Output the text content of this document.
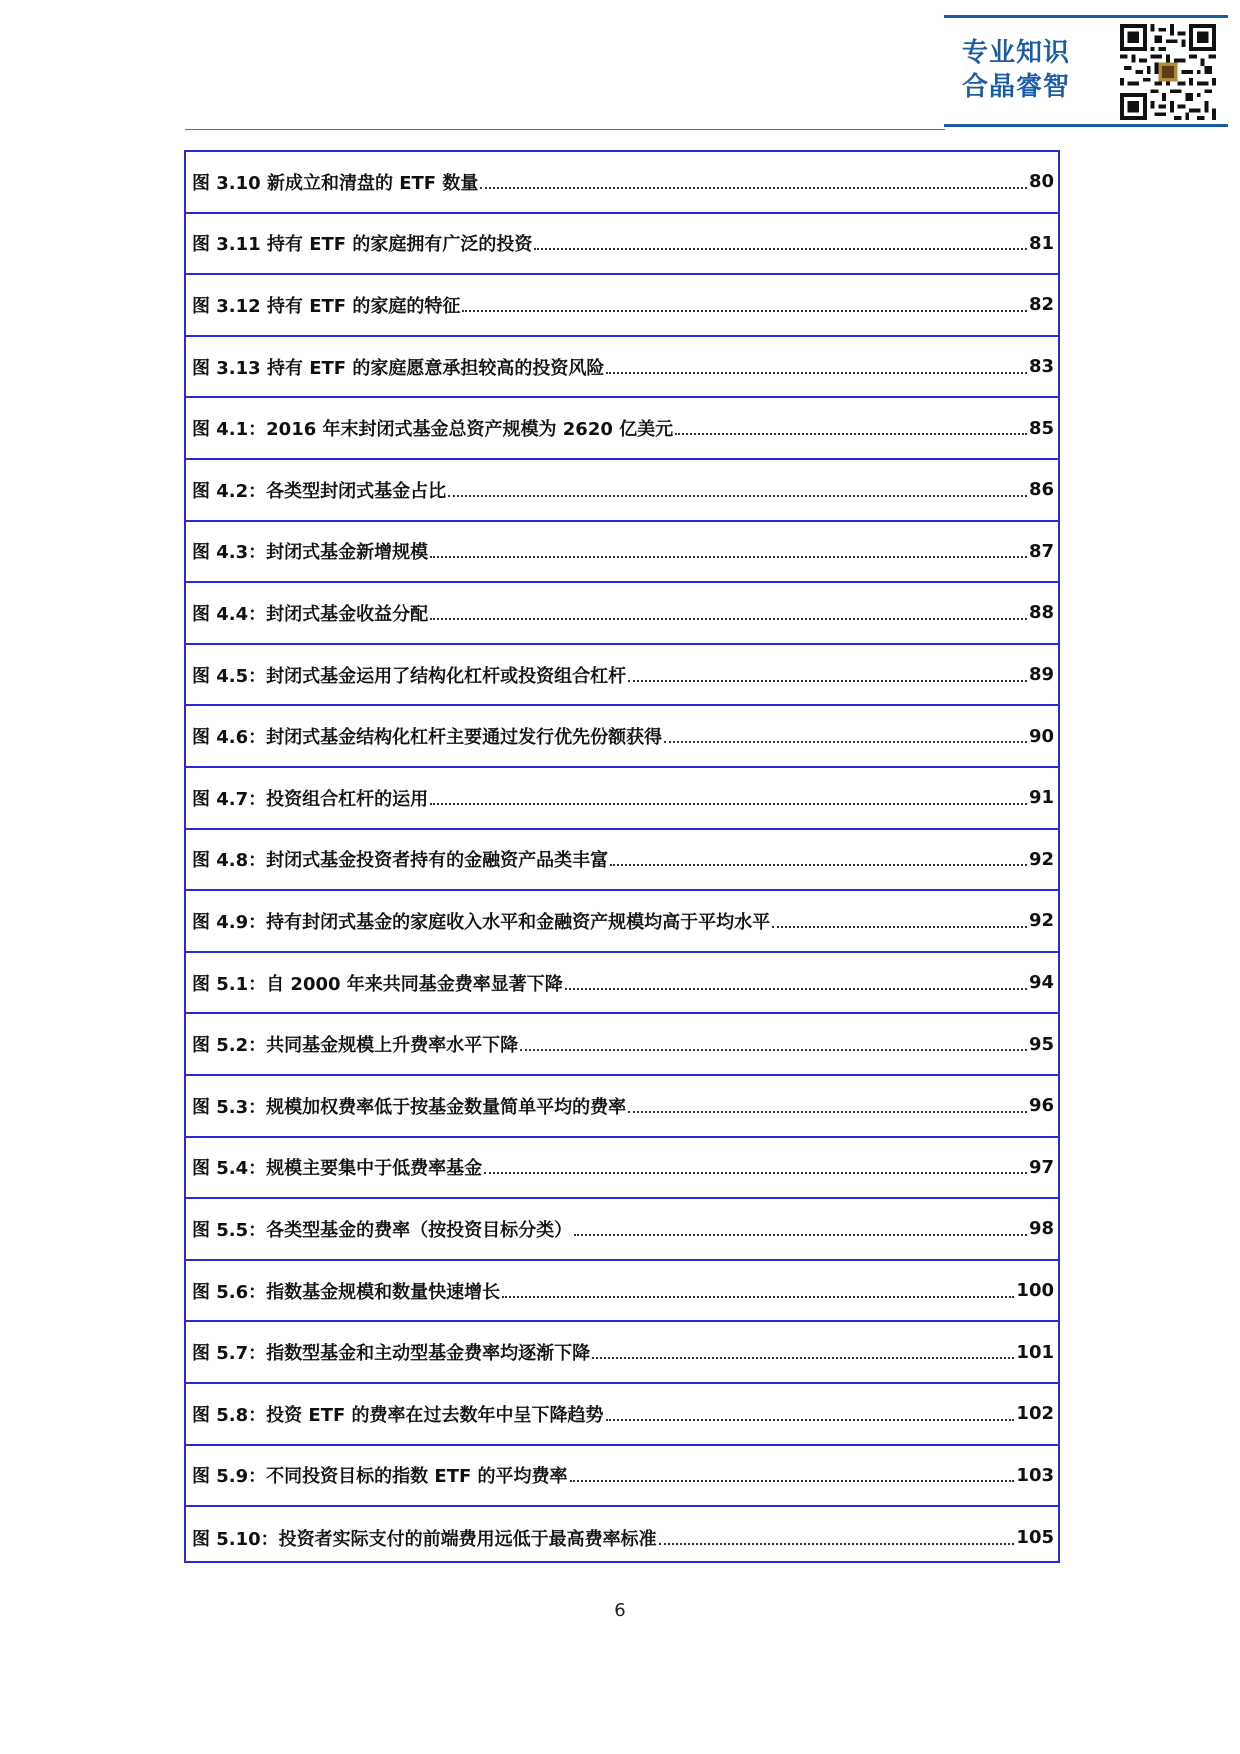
专业知识
合晶睿智
图 3.10 新成立和清盘的 ETF 数量	80
图 3.11 持有 ETF 的家庭拥有广泛的投资	81
图 3.12 持有 ETF 的家庭的特征	82
图 3.13 持有 ETF 的家庭愿意承担较高的投资风险	83
图 4.1：2016 年末封闭式基金总资产规模为 2620 亿美元	85
图 4.2：各类型封闭式基金占比	86
图 4.3：封闭式基金新增规模	87
图 4.4：封闭式基金收益分配	88
图 4.5：封闭式基金运用了结构化杠杆或投资组合杠杆	89
图 4.6：封闭式基金结构化杠杆主要通过发行优先份额获得	90
图 4.7：投资组合杠杆的运用	91
图 4.8：封闭式基金投资者持有的金融资产品类丰富	92
图 4.9：持有封闭式基金的家庭收入水平和金融资产规模均高于平均水平	92
图 5.1：自 2000 年来共同基金费率显著下降	94
图 5.2：共同基金规模上升费率水平下降	95
图 5.3：规模加权费率低于按基金数量简单平均的费率	96
图 5.4：规模主要集中于低费率基金	97
图 5.5：各类型基金的费率（按投资目标分类）	98
图 5.6：指数基金规模和数量快速增长	100
图 5.7：指数型基金和主动型基金费率均逐渐下降	101
图 5.8：投资 ETF 的费率在过去数年中呈下降趋势	102
图 5.9：不同投资目标的指数 ETF 的平均费率	103
图 5.10：投资者实际支付的前端费用远低于最高费率标准	105
6
